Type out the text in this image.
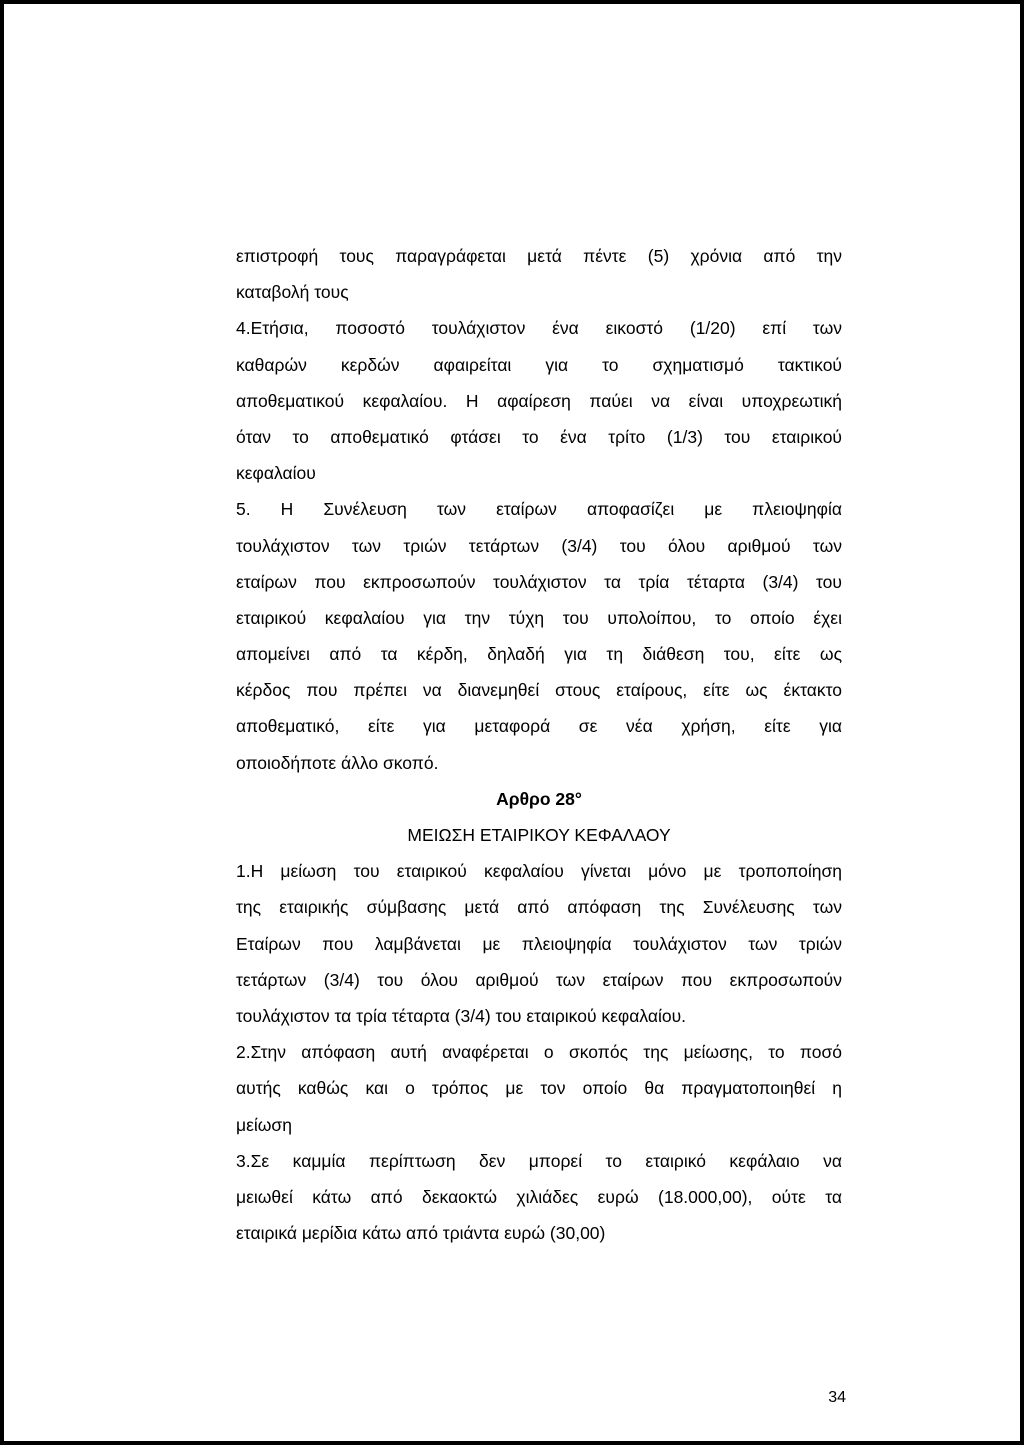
επιστροφή τους παραγράφεται μετά πέντε (5) χρόνια από την
καταβολή τους
4.Ετήσια, ποσοστό τουλάχιστον ένα εικοστό (1/20) επί των
καθαρών κερδών αφαιρείται για το σχηματισμό τακτικού
αποθεματικού κεφαλαίου. Η αφαίρεση παύει να είναι υποχρεωτική
όταν το αποθεματικό φτάσει το ένα τρίτο (1/3) του εταιρικού
κεφαλαίου
5. Η Συνέλευση των εταίρων αποφασίζει με πλειοψηφία
τουλάχιστον των τριών τετάρτων (3/4) του όλου αριθμού των
εταίρων που εκπροσωπούν τουλάχιστον τα τρία τέταρτα (3/4) του
εταιρικού κεφαλαίου για την τύχη του υπολοίπου, το οποίο έχει
απομείνει από τα κέρδη, δηλαδή για τη διάθεση του, είτε ως
κέρδος που πρέπει να διανεμηθεί στους εταίρους, είτε ως έκτακτο
αποθεματικό, είτε για μεταφορά σε νέα χρήση, είτε για
οποιοδήποτε άλλο σκοπό.
Αρθρο 28°
ΜΕΙΩΣΗ ΕΤΑΙΡΙΚΟΥ ΚΕΦΑΛΑΟΥ
1.Η μείωση του εταιρικού κεφαλαίου γίνεται μόνο με τροποποίηση
της εταιρικής σύμβασης μετά από απόφαση της Συνέλευσης των
Εταίρων που λαμβάνεται με πλειοψηφία τουλάχιστον των τριών
τετάρτων (3/4) του όλου αριθμού των εταίρων που εκπροσωπούν
τουλάχιστον τα τρία τέταρτα (3/4) του εταιρικού κεφαλαίου.
2.Στην απόφαση αυτή αναφέρεται ο σκοπός της μείωσης, το ποσό
αυτής καθώς και ο τρόπος με τον οποίο θα πραγματοποιηθεί η
μείωση
3.Σε καμμία περίπτωση δεν μπορεί το εταιρικό κεφάλαιο να
μειωθεί κάτω από δεκαοκτώ χιλιάδες ευρώ (18.000,00), ούτε τα
εταιρικά μερίδια κάτω από τριάντα ευρώ (30,00)
34
